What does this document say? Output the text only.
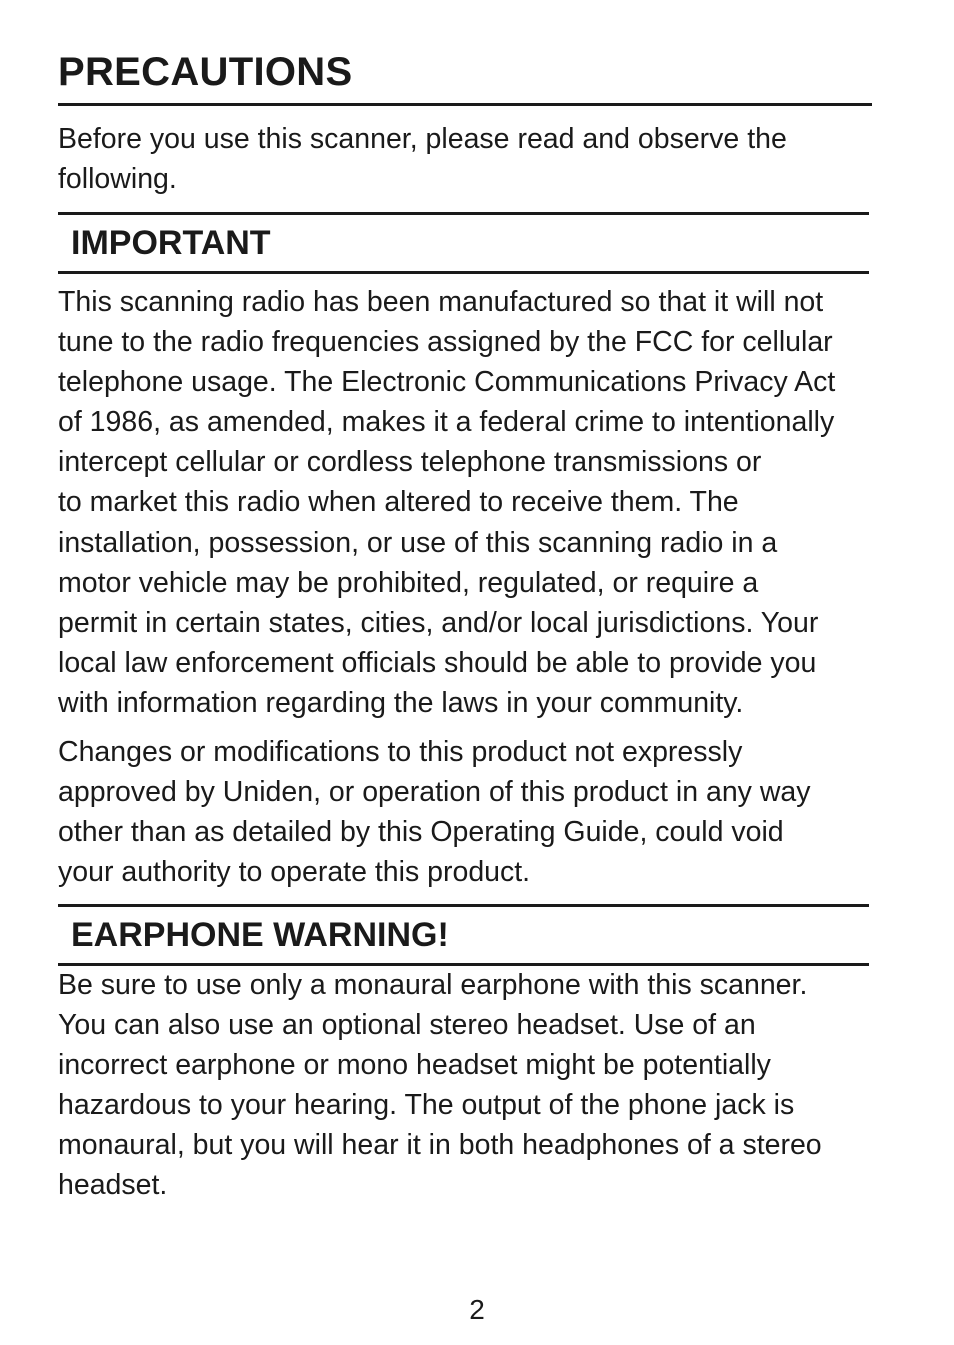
PRECAUTIONS

Before you use this scanner, please read and observe the
following.

IMPORTANT

This scanning radio has been manufactured so that it will not
tune to the radio frequencies assigned by the FCC for cellular
telephone usage. The Electronic Communications Privacy Act
of 1986, as amended, makes it a federal crime to intentionally
intercept cellular or cordless telephone transmissions or
to market this radio when altered to receive them. The
installation, possession, or use of this scanning radio in a
motor vehicle may be prohibited, regulated, or require a
permit in certain states, cities, and/or local jurisdictions. Your
local law enforcement officials should be able to provide you
with information regarding the laws in your community.

Changes or modifications to this product not expressly
approved by Uniden, or operation of this product in any way
other than as detailed by this Operating Guide, could void
your authority to operate this product.

EARPHONE WARNING!

Be sure to use only a monaural earphone with this scanner.
You can also use an optional stereo headset. Use of an
incorrect earphone or mono headset might be potentially
hazardous to your hearing. The output of the phone jack is
monaural, but you will hear it in both headphones of a stereo
headset.

2
